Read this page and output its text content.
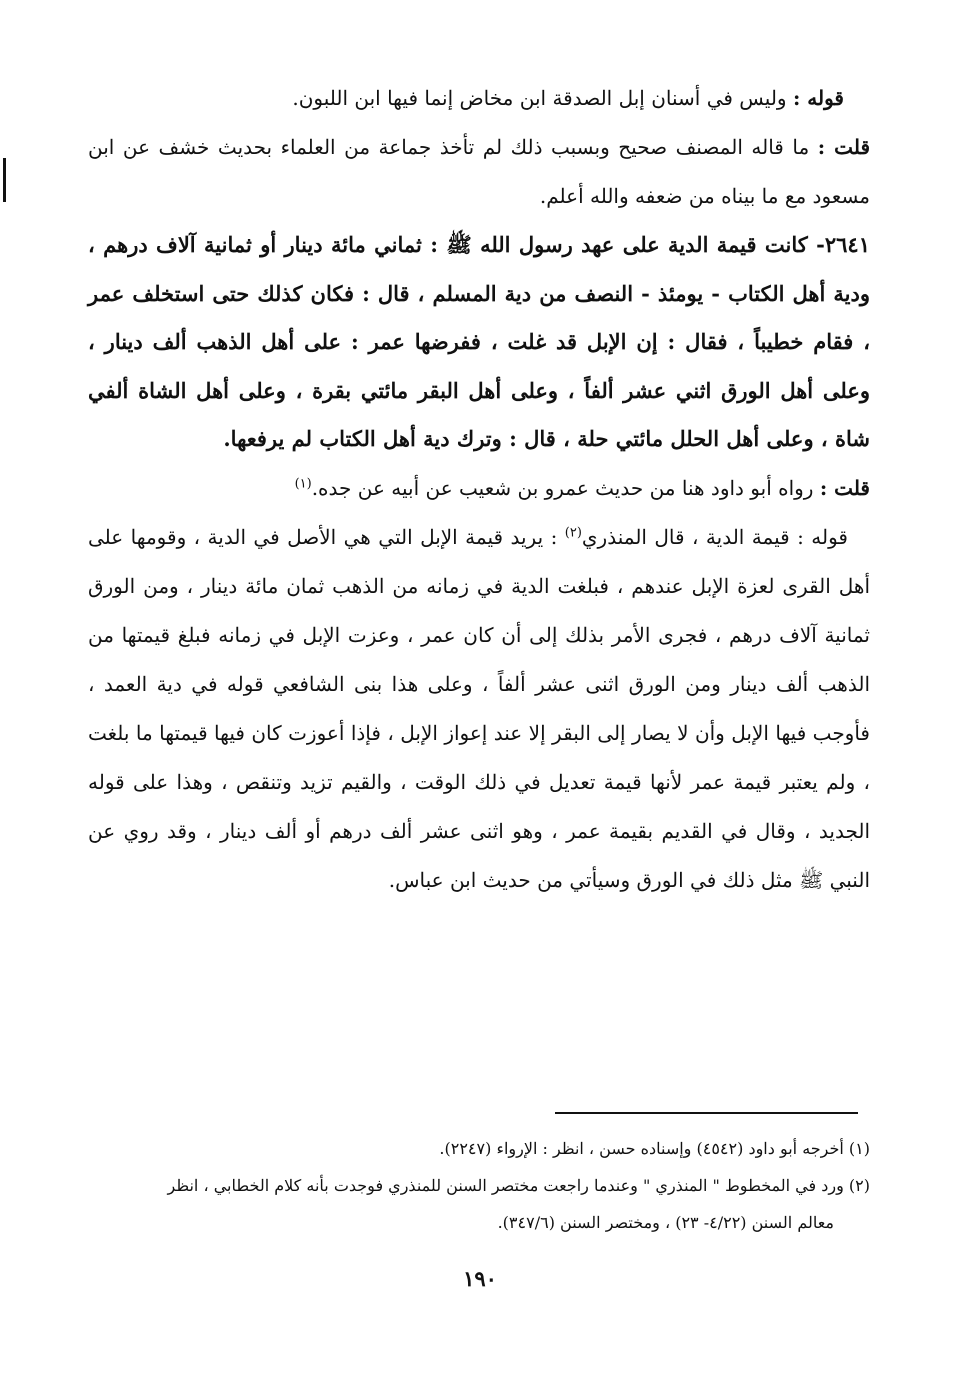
قوله : وليس في أسنان إبل الصدقة ابن مخاض إنما فيها ابن اللبون.

قلت : ما قاله المصنف صحيح وبسبب ذلك لم تأخذ جماعة من العلماء بحديث خشف عن ابن مسعود مع ما بيناه من ضعفه والله أعلم.

٢٦٤١- كانت قيمة الدية على عهد رسول الله ﷺ : ثماني مائة دينار أو ثمانية آلاف درهم ، ودية أهل الكتاب - يومئذ - النصف من دية المسلم ، قال : فكان كذلك حتى استخلف عمر ، فقام خطيباً ، فقال : إن الإبل قد غلت ، ففرضها عمر : على أهل الذهب ألف دينار ، وعلى أهل الورق اثني عشر ألفاً ، وعلى أهل البقر مائتي بقرة ، وعلى أهل الشاة ألفي شاة ، وعلى أهل الحلل مائتي حلة ، قال : وترك دية أهل الكتاب لم يرفعها.

قلت : رواه أبو داود هنا من حديث عمرو بن شعيب عن أبيه عن جده.$^{(١)}$

قوله : قيمة الدية ، قال المنذري$^{(٢)}$ : يريد قيمة الإبل التي هي الأصل في الدية ، وقومها على أهل القرى لعزة الإبل عندهم ، فبلغت الدية في زمانه من الذهب ثمان مائة دينار ، ومن الورق ثمانية آلاف درهم ، فجرى الأمر بذلك إلى أن كان عمر ، وعزت الإبل في زمانه فبلغ قيمتها من الذهب ألف دينار ومن الورق اثنى عشر ألفاً ، وعلى هذا بنى الشافعي قوله في دية العمد ، فأوجب فيها الإبل وأن لا يصار إلى البقر إلا عند إعواز الإبل ، فإذا أعوزت كان فيها قيمتها ما بلغت ، ولم يعتبر قيمة عمر لأنها قيمة تعديل في ذلك الوقت ، والقيم تزيد وتنقص ، وهذا على قوله الجديد ، وقال في القديم بقيمة عمر ، وهو اثنى عشر ألف درهم أو ألف دينار ، وقد روي عن النبي ﷺ مثل ذلك في الورق وسيأتي من حديث ابن عباس.

(١) أخرجه أبو داود (٤٥٤٢) وإسناده حسن ، انظر : الإرواء (٢٢٤٧).

(٢) ورد في المخطوط " المنذري " وعندما راجعت مختصر السنن للمنذري فوجدت بأنه كلام الخطابي ، انظر

معالم السنن (٤/٢٢- ٢٣) ، ومختصر السنن (٣٤٧/٦).

١٩٠
